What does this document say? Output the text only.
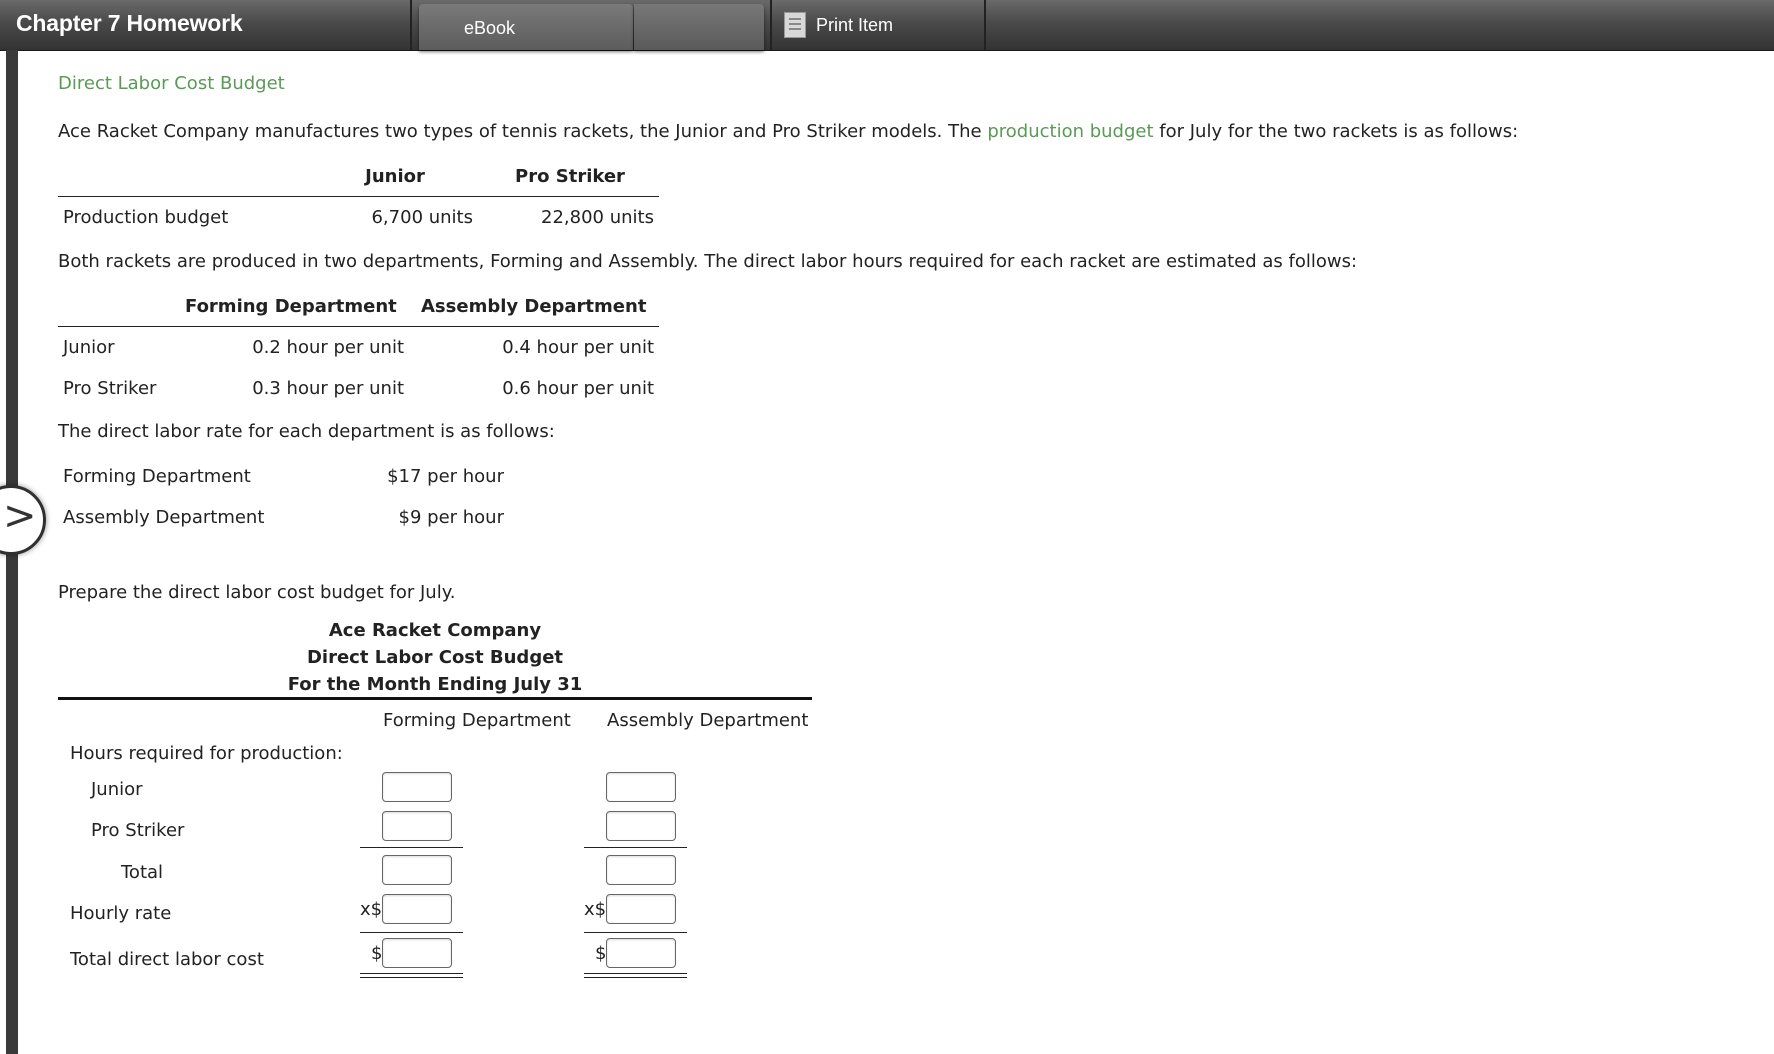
Chapter 7 Homework	eBook	Print Item
>
Direct Labor Cost Budget
Ace Racket Company manufactures two types of tennis rackets, the Junior and Pro Striker models. The production budget for July for the two rackets is as follows:
Junior	Pro Striker
Production budget	6,700 units	22,800 units
Both rackets are produced in two departments, Forming and Assembly. The direct labor hours required for each racket are estimated as follows:
Forming Department Assembly Department
Junior	0.2 hour per unit	0.4 hour per unit
Pro Striker	0.3 hour per unit	0.6 hour per unit
The direct labor rate for each department is as follows:
Forming Department	$17 per hour
Assembly Department	$9 per hour
Prepare the direct labor cost budget for July.
Ace Racket Company
Direct Labor Cost Budget
For the Month Ending July 31
Forming Department Assembly Department
Hours required for production:
Junior
Pro Striker
Total
Hourly rate	x$	x$
Total direct labor cost	$	$
